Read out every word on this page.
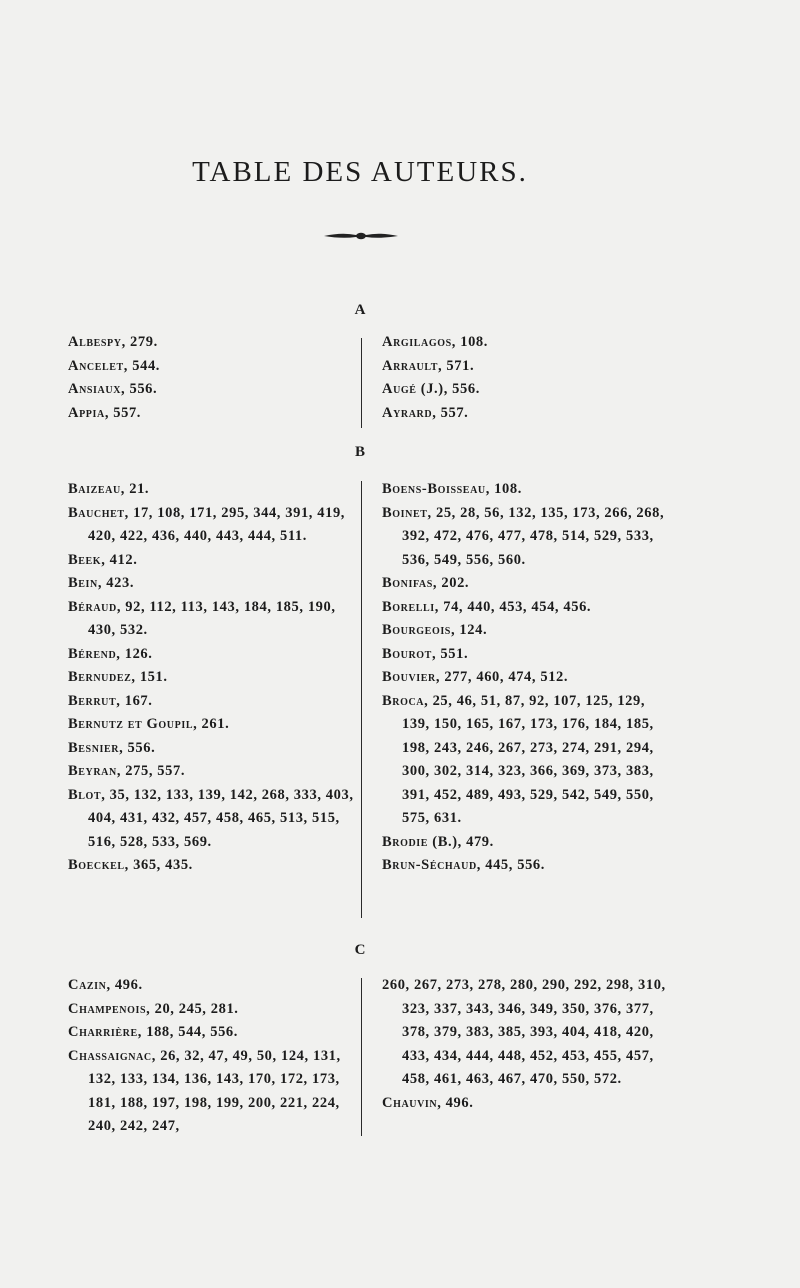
TABLE DES AUTEURS.
A
B
C
Albespy, 279.
Ancelet, 544.
Ansiaux, 556.
Appia, 557.
Argilagos, 108.
Arrault, 571.
Augé (J.), 556.
Ayrard, 557.
Baizeau, 21.
Bauchet, 17, 108, 171, 295, 344, 391, 419, 420, 422, 436, 440, 443, 444, 511.
Beek, 412.
Bein, 423.
Béraud, 92, 112, 113, 143, 184, 185, 190, 430, 532.
Bérend, 126.
Bernudez, 151.
Berrut, 167.
Bernutz et Goupil, 261.
Besnier, 556.
Beyran, 275, 557.
Blot, 35, 132, 133, 139, 142, 268, 333, 403, 404, 431, 432, 457, 458, 465, 513, 515, 516, 528, 533, 569.
Boeckel, 365, 435.
Boens-Boisseau, 108.
Boinet, 25, 28, 56, 132, 135, 173, 266, 268, 392, 472, 476, 477, 478, 514, 529, 533, 536, 549, 556, 560.
Bonifas, 202.
Borelli, 74, 440, 453, 454, 456.
Bourgeois, 124.
Bourot, 551.
Bouvier, 277, 460, 474, 512.
Broca, 25, 46, 51, 87, 92, 107, 125, 129, 139, 150, 165, 167, 173, 176, 184, 185, 198, 243, 246, 267, 273, 274, 291, 294, 300, 302, 314, 323, 366, 369, 373, 383, 391, 452, 489, 493, 529, 542, 549, 550, 575, 631.
Brodie (B.), 479.
Brun-Séchaud, 445, 556.
Cazin, 496.
Champenois, 20, 245, 281.
Charrière, 188, 544, 556.
Chassaignac, 26, 32, 47, 49, 50, 124, 131, 132, 133, 134, 136, 143, 170, 172, 173, 181, 188, 197, 198, 199, 200, 221, 224, 240, 242, 247,
260, 267, 273, 278, 280, 290, 292, 298, 310, 323, 337, 343, 346, 349, 350, 376, 377, 378, 379, 383, 385, 393, 404, 418, 420, 433, 434, 444, 448, 452, 453, 455, 457, 458, 461, 463, 467, 470, 550, 572.
Chauvin, 496.
